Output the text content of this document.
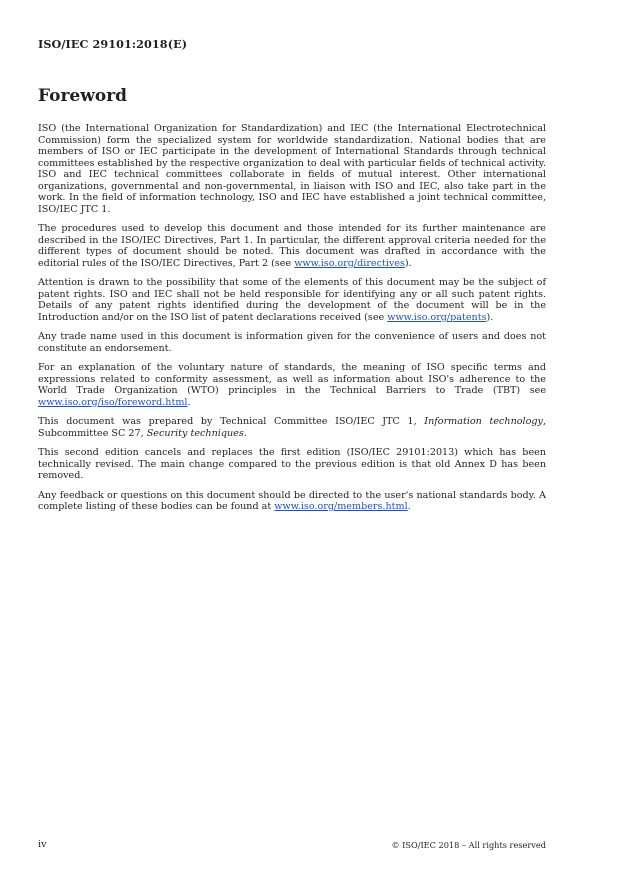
ISO/IEC 29101:2018(E)
Foreword

ISO (the International Organization for Standardization) and IEC (the International Electrotechnical Commission) form the specialized system for worldwide standardization. National bodies that are members of ISO or IEC participate in the development of International Standards through technical committees established by the respective organization to deal with particular fields of technical activity. ISO and IEC technical committees collaborate in fields of mutual interest. Other international organizations, governmental and non-governmental, in liaison with ISO and IEC, also take part in the work. In the field of information technology, ISO and IEC have established a joint technical committee, ISO/IEC JTC 1.

The procedures used to develop this document and those intended for its further maintenance are described in the ISO/IEC Directives, Part 1. In particular, the different approval criteria needed for the different types of document should be noted. This document was drafted in accordance with the editorial rules of the ISO/IEC Directives, Part 2 (see www.iso.org/directives).

Attention is drawn to the possibility that some of the elements of this document may be the subject of patent rights. ISO and IEC shall not be held responsible for identifying any or all such patent rights. Details of any patent rights identified during the development of the document will be in the Introduction and/or on the ISO list of patent declarations received (see www.iso.org/patents).

Any trade name used in this document is information given for the convenience of users and does not constitute an endorsement.

For an explanation of the voluntary nature of standards, the meaning of ISO specific terms and expressions related to conformity assessment, as well as information about ISO's adherence to the World Trade Organization (WTO) principles in the Technical Barriers to Trade (TBT) see www.iso.org/iso/foreword.html.

This document was prepared by Technical Committee ISO/IEC JTC 1, Information technology, Subcommittee SC 27, Security techniques.

This second edition cancels and replaces the first edition (ISO/IEC 29101:2013) which has been technically revised. The main change compared to the previous edition is that old Annex D has been removed.

Any feedback or questions on this document should be directed to the user's national standards body. A complete listing of these bodies can be found at www.iso.org/members.html.

iv	© ISO/IEC 2018 – All rights reserved
